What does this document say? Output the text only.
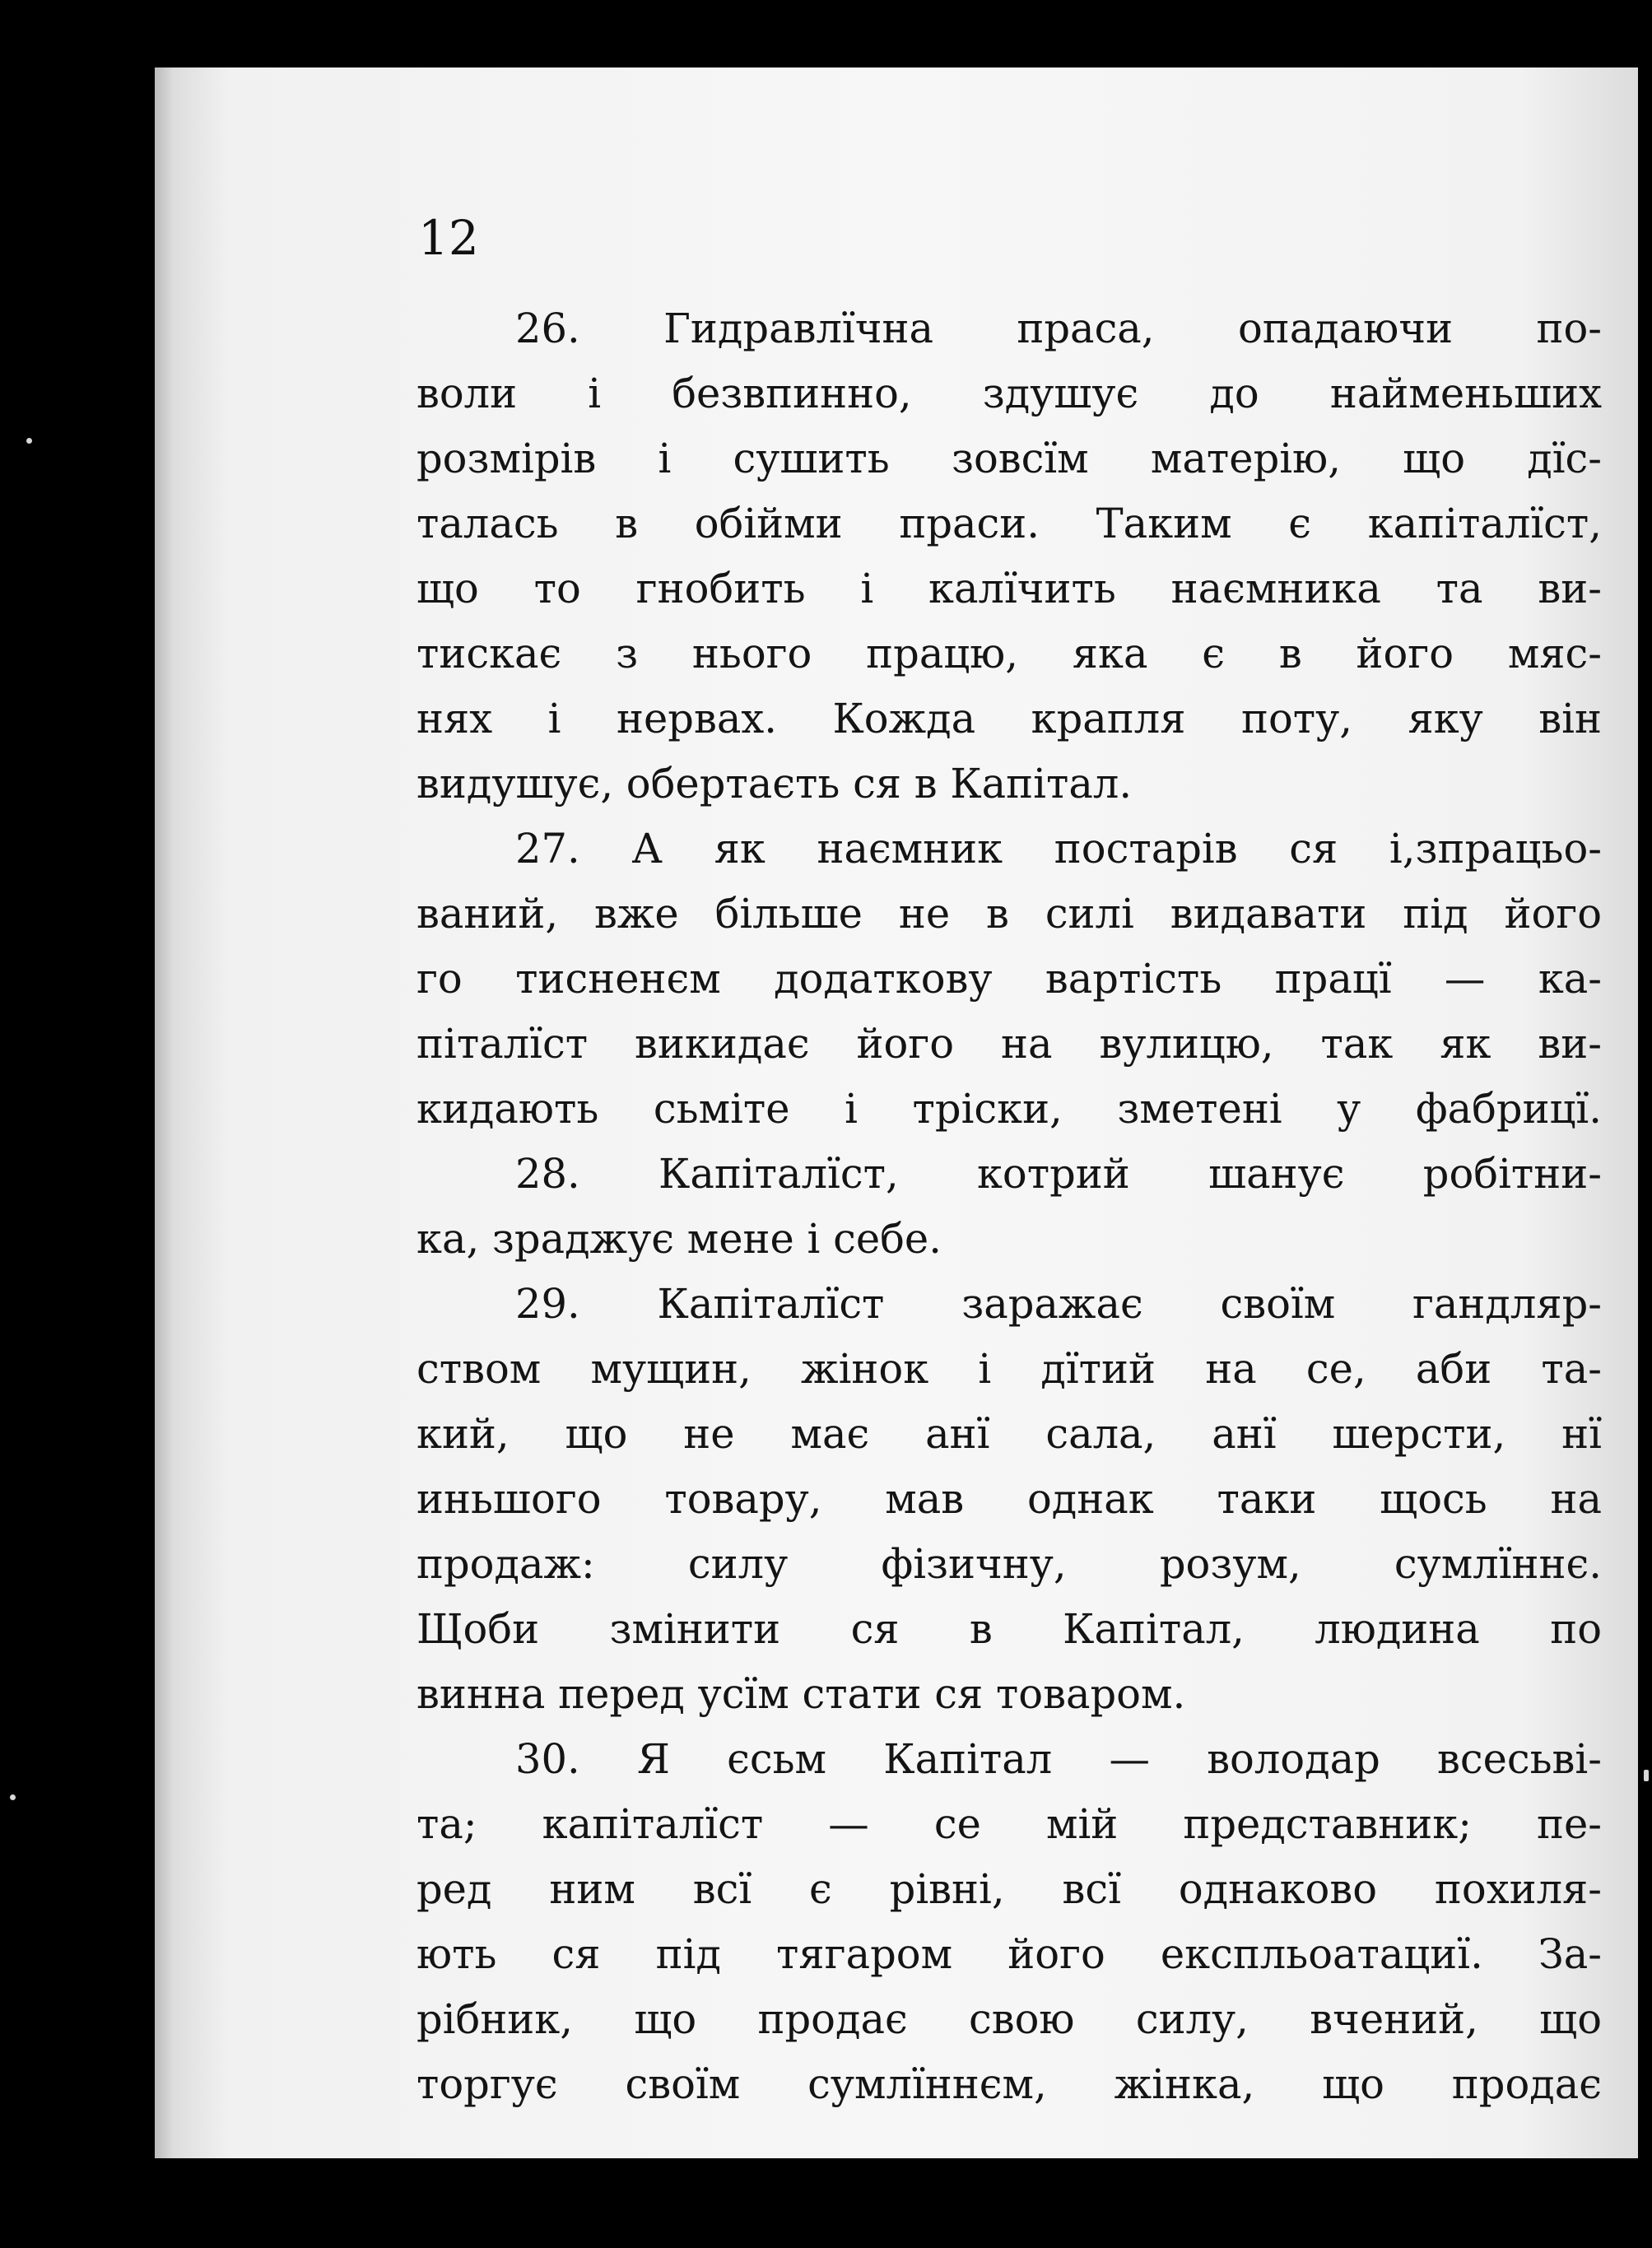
12
26. Гидравлїчна праса, опадаючи по-
воли і безвпинно, здушує до найменьших
розмірів і сушить зовсїм матерію, що дїс-
талась в обійми праси. Таким є капіталїст,
що то гнобить і калїчить наємника та ви-
тискає з нього працю, яка є в його мяс-
нях і нервах. Кожда крапля поту, яку він
видушує, обертаєть ся в Капітал.
27. А як наємник постарів ся і,зпрацьо-
ваний, вже більше не в силі видавати під його
го тисненєм додаткову вартість працї — ка-
піталїст викидає його на вулицю, так як ви-
кидають сьміте і тріски, зметені у фабрицї.
28. Капіталїст, котрий шанує робітни-
ка, зраджує мене і себе.
29. Капіталїст заражає своїм гандляр-
ством мущин, жінок і дїтий на се, аби та-
кий, що не має анї сала, анї шерсти, нї
иньшого товару, мав однак таки щось на
продаж: силу фізичну, розум, сумлїннє.
Щоби змінити ся в Капітал, людина по
винна перед усїм стати ся товаром.
30. Я єсьм Капітал — володар всесьві-
та; капіталїст — се мій представник; пе-
ред ним всї є рівні, всї однаково похиля-
ють ся під тягаром його експльоатациї. За-
рібник, що продає свою силу, вчений, що
торгує своїм сумлїннєм, жінка, що продає
